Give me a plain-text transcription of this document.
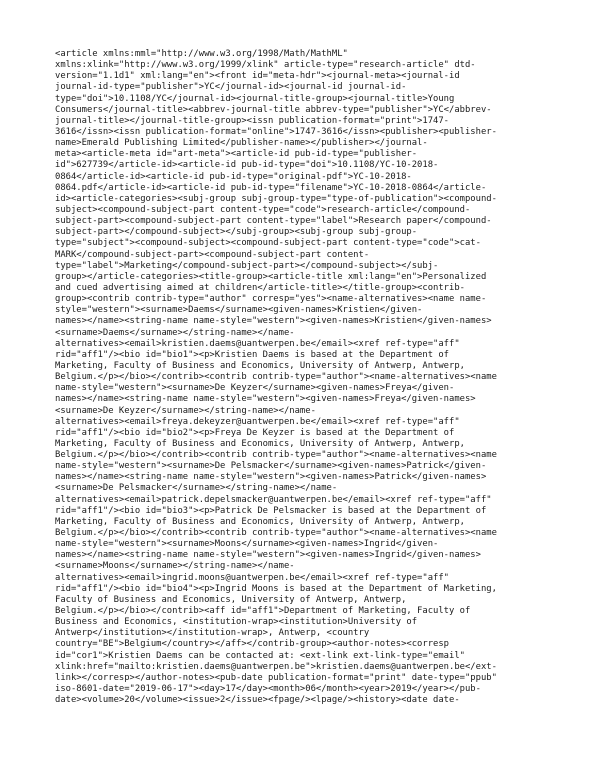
<article xmlns:mml="http://www.w3.org/1998/Math/MathML"
xmlns:xlink="http://www.w3.org/1999/xlink" article-type="research-article" dtd-
version="1.1d1" xml:lang="en"><front id="meta-hdr"><journal-meta><journal-id
journal-id-type="publisher">YC</journal-id><journal-id journal-id-
type="doi">10.1108/YC</journal-id><journal-title-group><journal-title>Young
Consumers</journal-title><abbrev-journal-title abbrev-type="publisher">YC</abbrev-
journal-title></journal-title-group><issn publication-format="print">1747-
3616</issn><issn publication-format="online">1747-3616</issn><publisher><publisher-
name>Emerald Publishing Limited</publisher-name></publisher></journal-
meta><article-meta id="art-meta"><article-id pub-id-type="publisher-
id">627739</article-id><article-id pub-id-type="doi">10.1108/YC-10-2018-
0864</article-id><article-id pub-id-type="original-pdf">YC-10-2018-
0864.pdf</article-id><article-id pub-id-type="filename">YC-10-2018-0864</article-
id><article-categories><subj-group subj-group-type="type-of-publication"><compound-
subject><compound-subject-part content-type="code">research-article</compound-
subject-part><compound-subject-part content-type="label">Research paper</compound-
subject-part></compound-subject></subj-group><subj-group subj-group-
type="subject"><compound-subject><compound-subject-part content-type="code">cat-
MARK</compound-subject-part><compound-subject-part content-
type="label">Marketing</compound-subject-part></compound-subject></subj-
group></article-categories><title-group><article-title xml:lang="en">Personalized
and cued advertising aimed at children</article-title></title-group><contrib-
group><contrib contrib-type="author" corresp="yes"><name-alternatives><name name-
style="western"><surname>Daems</surname><given-names>Kristien</given-
names></name><string-name name-style="western"><given-names>Kristien</given-names>
<surname>Daems</surname></string-name></name-
alternatives><email>kristien.daems@uantwerpen.be</email><xref ref-type="aff"
rid="aff1"/><bio id="bio1"><p>Kristien Daems is based at the Department of
Marketing, Faculty of Business and Economics, University of Antwerp, Antwerp,
Belgium.</p></bio></contrib><contrib contrib-type="author"><name-alternatives><name
name-style="western"><surname>De Keyzer</surname><given-names>Freya</given-
names></name><string-name name-style="western"><given-names>Freya</given-names>
<surname>De Keyzer</surname></string-name></name-
alternatives><email>freya.dekeyzer@uantwerpen.be</email><xref ref-type="aff"
rid="aff1"/><bio id="bio2"><p>Freya De Keyzer is based at the Department of
Marketing, Faculty of Business and Economics, University of Antwerp, Antwerp,
Belgium.</p></bio></contrib><contrib contrib-type="author"><name-alternatives><name
name-style="western"><surname>De Pelsmacker</surname><given-names>Patrick</given-
names></name><string-name name-style="western"><given-names>Patrick</given-names>
<surname>De Pelsmacker</surname></string-name></name-
alternatives><email>patrick.depelsmacker@uantwerpen.be</email><xref ref-type="aff"
rid="aff1"/><bio id="bio3"><p>Patrick De Pelsmacker is based at the Department of
Marketing, Faculty of Business and Economics, University of Antwerp, Antwerp,
Belgium.</p></bio></contrib><contrib contrib-type="author"><name-alternatives><name
name-style="western"><surname>Moons</surname><given-names>Ingrid</given-
names></name><string-name name-style="western"><given-names>Ingrid</given-names>
<surname>Moons</surname></string-name></name-
alternatives><email>ingrid.moons@uantwerpen.be</email><xref ref-type="aff"
rid="aff1"/><bio id="bio4"><p>Ingrid Moons is based at the Department of Marketing,
Faculty of Business and Economics, University of Antwerp, Antwerp,
Belgium.</p></bio></contrib><aff id="aff1">Department of Marketing, Faculty of
Business and Economics, <institution-wrap><institution>University of
Antwerp</institution></institution-wrap>, Antwerp, <country
country="BE">Belgium</country></aff></contrib-group><author-notes><corresp
id="cor1">Kristien Daems can be contacted at: <ext-link ext-link-type="email"
xlink:href="mailto:kristien.daems@uantwerpen.be">kristien.daems@uantwerpen.be</ext-
link></corresp></author-notes><pub-date publication-format="print" date-type="ppub"
iso-8601-date="2019-06-17"><day>17</day><month>06</month><year>2019</year></pub-
date><volume>20</volume><issue>2</issue><fpage/><lpage/><history><date date-
